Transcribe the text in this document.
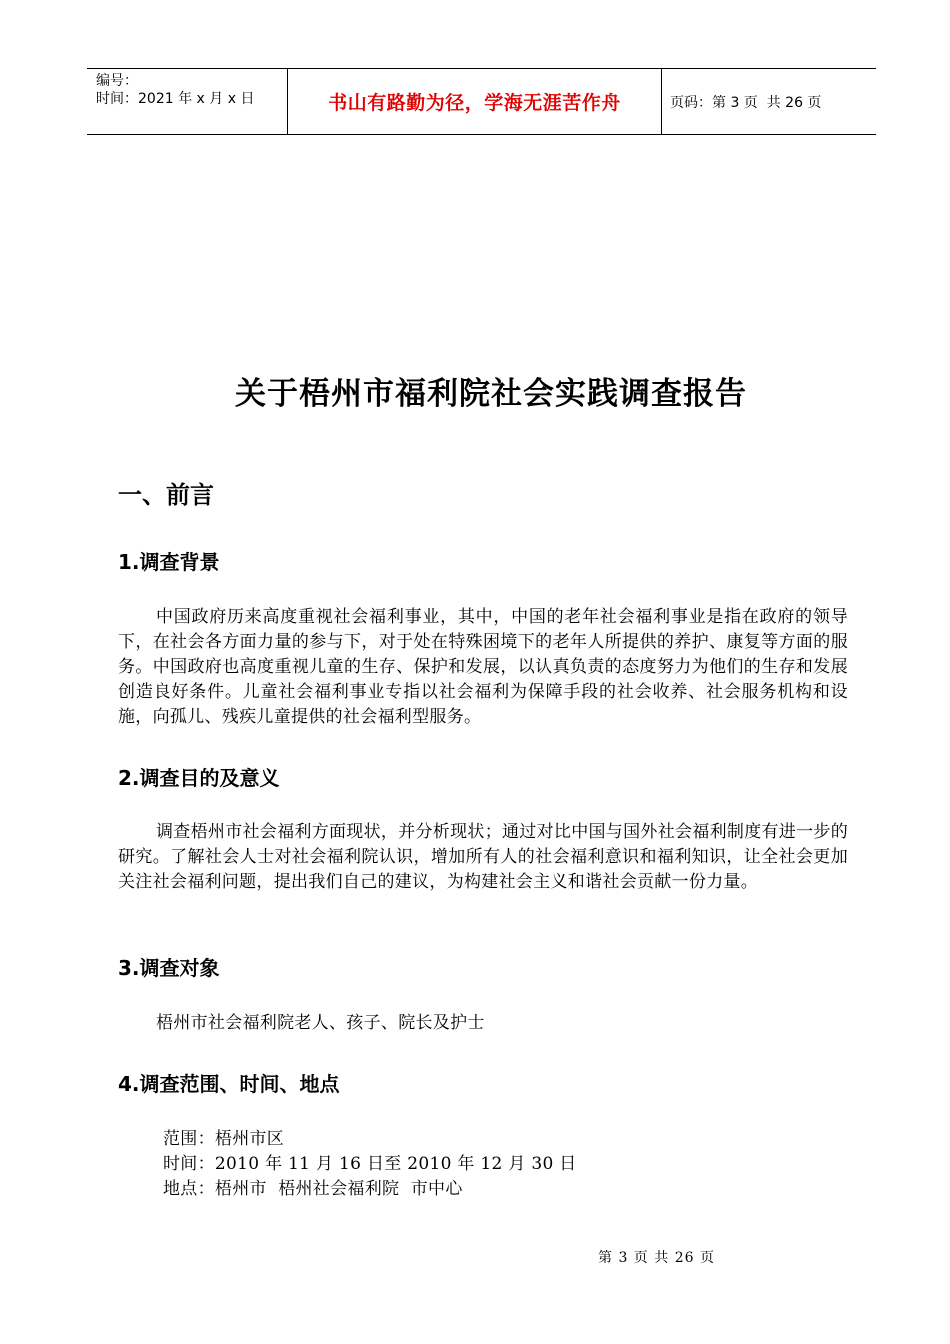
编号：
时间：2021 年 x 月 x 日	书山有路勤为径，学海无涯苦作舟	页码：第 3 页  共 26 页
关于梧州市福利院社会实践调查报告
一、前言
1.调查背景
中国政府历来高度重视社会福利事业，其中，中国的老年社会福利事业是指在政府的领导下，在社会各方面力量的参与下，对于处在特殊困境下的老年人所提供的养护、康复等方面的服务。中国政府也高度重视儿童的生存、保护和发展，以认真负责的态度努力为他们的生存和发展创造良好条件。儿童社会福利事业专指以社会福利为保障手段的社会收养、社会服务机构和设施，向孤儿、残疾儿童提供的社会福利型服务。
2.调查目的及意义
调查梧州市社会福利方面现状，并分析现状；通过对比中国与国外社会福利制度有进一步的研究。了解社会人士对社会福利院认识，增加所有人的社会福利意识和福利知识，让全社会更加关注社会福利问题，提出我们自己的建议，为构建社会主义和谐社会贡献一份力量。
3.调查对象
梧州市社会福利院老人、孩子、院长及护士
4.调查范围、时间、地点
范围：梧州市区
时间：2010 年 11 月 16 日至 2010 年 12 月 30 日
地点：梧州市  梧州社会福利院  市中心
第 3 页 共 26 页
